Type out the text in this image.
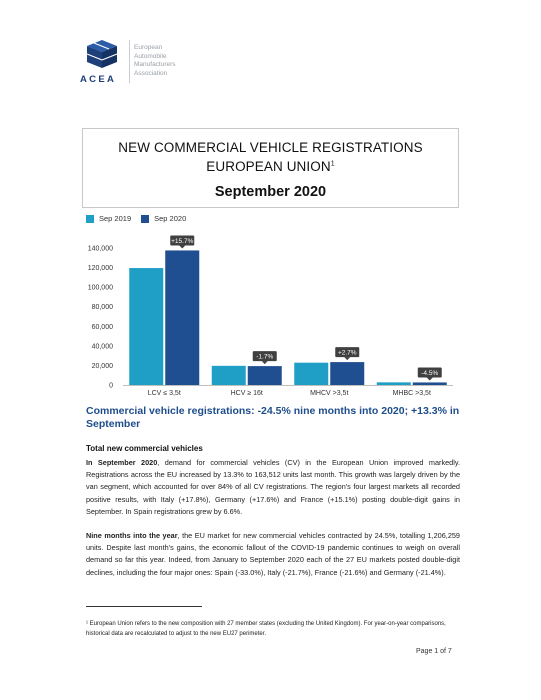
ACEA
European
Automobile
Manufacturers
Association
NEW COMMERCIAL VEHICLE REGISTRATIONS
EUROPEAN UNION$^1$
September 2020
Sep 2019	Sep 2020
140,000
120,000
100,000
80,000
60,000
40,000
20,000
0
+15.7%
LCV ≤ 3,5t
-1.7%
HCV ≥ 16t
+2.7%
MHCV >3,5t
-4.5%
MHBC >3,5t
Commercial vehicle registrations: -24.5% nine months into 2020; +13.3% in September
Total new commercial vehicles
In September 2020, demand for commercial vehicles (CV) in the European Union improved markedly. Registrations across the EU increased by 13.3% to 163,512 units last month. This growth was largely driven by the van segment, which accounted for over 84% of all CV registrations. The region's four largest markets all recorded positive results, with Italy (+17.8%), Germany (+17.6%) and France (+15.1%) posting double-digit gains in September. In Spain registrations grew by 6.6%.
Nine months into the year, the EU market for new commercial vehicles contracted by 24.5%, totalling 1,206,259 units. Despite last month's gains, the economic fallout of the COVID-19 pandemic continues to weigh on overall demand so far this year. Indeed, from January to September 2020 each of the 27 EU markets posted double-digit declines, including the four major ones: Spain (-33.0%), Italy (-21.7%), France (-21.6%) and Germany (-21.4%).
¹ European Union refers to the new composition with 27 member states (excluding the United Kingdom). For year-on-year comparisons, historical data are recalculated to adjust to the new EU27 perimeter.
Page 1 of 7
